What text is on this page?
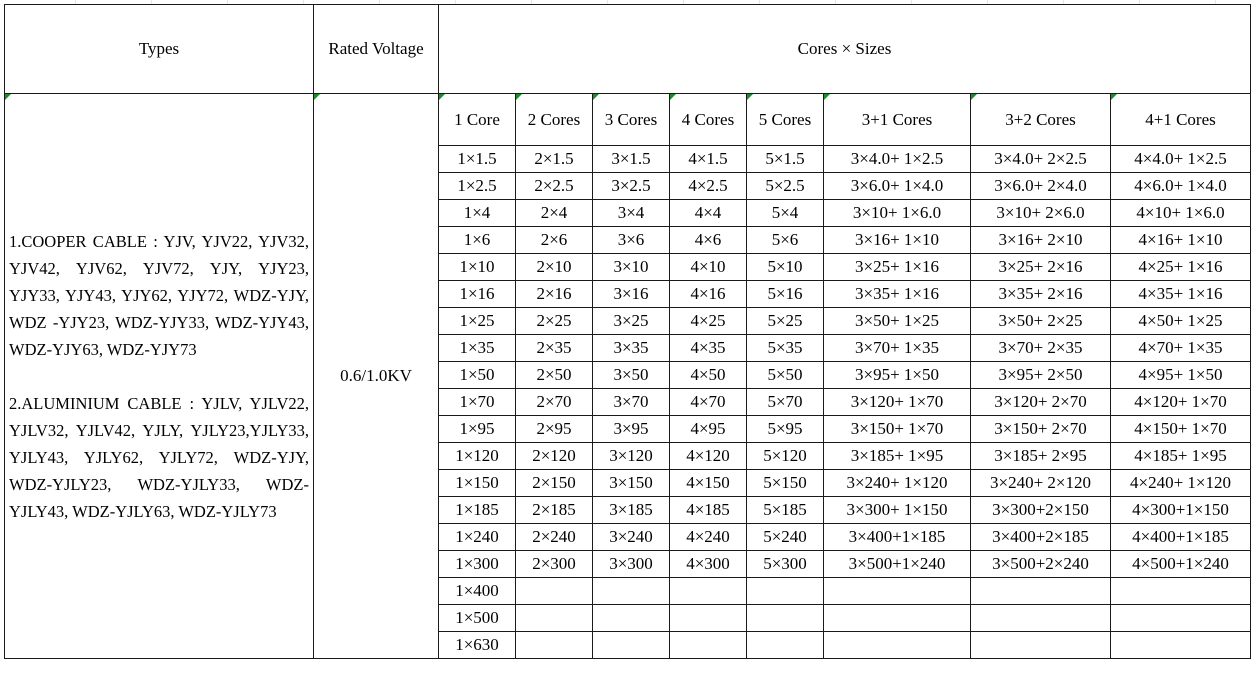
Types	Rated Voltage	Cores × Sizes							

1.COOPER CABLE : YJV, YJV22, YJV32, YJV42, YJV62, YJV72, YJY, YJY23, YJY33, YJY43, YJY62, YJY72, WDZ-YJY, WDZ -YJY23, WDZ-YJY33, WDZ-YJY43, WDZ-YJY63, WDZ-YJY73
2.ALUMINIUM CABLE : YJLV, YJLV22, YJLV32, YJLV42, YJLY, YJLY23,YJLY33, YJLY43, YJLY62, YJLY72, WDZ-YJY, WDZ-YJLY23, WDZ-YJLY33, WDZ-YJLY43, WDZ-YJLY63, WDZ-YJLY73	0.6/1.0KV	1 Core	2 Cores	3 Cores	4 Cores	5 Cores	3+1 Cores	3+2 Cores	4+1 Cores
		1×1.5	2×1.5	3×1.5	4×1.5	5×1.5	3×4.0+ 1×2.5	3×4.0+ 2×2.5	4×4.0+ 1×2.5
		1×2.5	2×2.5	3×2.5	4×2.5	5×2.5	3×6.0+ 1×4.0	3×6.0+ 2×4.0	4×6.0+ 1×4.0
		1×4	2×4	3×4	4×4	5×4	3×10+ 1×6.0	3×10+ 2×6.0	4×10+ 1×6.0
		1×6	2×6	3×6	4×6	5×6	3×16+ 1×10	3×16+ 2×10	4×16+ 1×10
		1×10	2×10	3×10	4×10	5×10	3×25+ 1×16	3×25+ 2×16	4×25+ 1×16
		1×16	2×16	3×16	4×16	5×16	3×35+ 1×16	3×35+ 2×16	4×35+ 1×16
		1×25	2×25	3×25	4×25	5×25	3×50+ 1×25	3×50+ 2×25	4×50+ 1×25
		1×35	2×35	3×35	4×35	5×35	3×70+ 1×35	3×70+ 2×35	4×70+ 1×35
		1×50	2×50	3×50	4×50	5×50	3×95+ 1×50	3×95+ 2×50	4×95+ 1×50
		1×70	2×70	3×70	4×70	5×70	3×120+ 1×70	3×120+ 2×70	4×120+ 1×70
		1×95	2×95	3×95	4×95	5×95	3×150+ 1×70	3×150+ 2×70	4×150+ 1×70
		1×120	2×120	3×120	4×120	5×120	3×185+ 1×95	3×185+ 2×95	4×185+ 1×95
		1×150	2×150	3×150	4×150	5×150	3×240+ 1×120	3×240+ 2×120	4×240+ 1×120
		1×185	2×185	3×185	4×185	5×185	3×300+ 1×150	3×300+2×150	4×300+1×150
		1×240	2×240	3×240	4×240	5×240	3×400+1×185	3×400+2×185	4×400+1×185
		1×300	2×300	3×300	4×300	5×300	3×500+1×240	3×500+2×240	4×500+1×240
		1×400							
		1×500							
		1×630							
